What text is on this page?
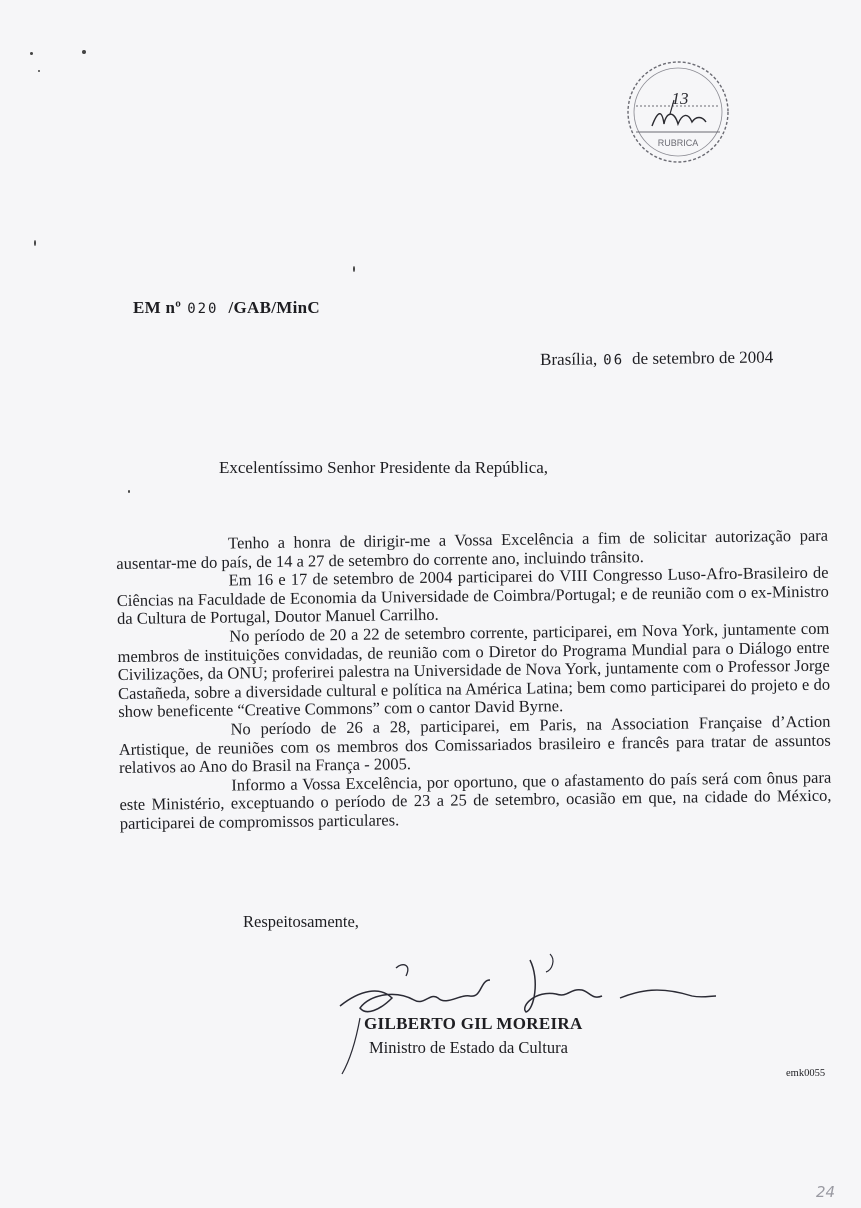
RUBRICA
13
EM nº 020 /GAB/MinC
Brasília, 06 de setembro de 2004
Excelentíssimo Senhor Presidente da República,

Tenho a honra de dirigir-me a Vossa Excelência a fim de solicitar autorização para ausentar-me do país, de 14 a 27 de setembro do corrente ano, incluindo trânsito.

Em 16 e 17 de setembro de 2004 participarei do VIII Congresso Luso-Afro-Brasileiro de Ciências na Faculdade de Economia da Universidade de Coimbra/Portugal; e de reunião com o ex-Ministro da Cultura de Portugal, Doutor Manuel Carrilho.

No período de 20 a 22 de setembro corrente, participarei, em Nova York, juntamente com membros de instituições convidadas, de reunião com o Diretor do Programa Mundial para o Diálogo entre Civilizações, da ONU; proferirei palestra na Universidade de Nova York, juntamente com o Professor Jorge Castañeda, sobre a diversidade cultural e política na América Latina; bem como participarei do projeto e do show beneficente “Creative Commons” com o cantor David Byrne.

No período de 26 a 28, participarei, em Paris, na Association Française d’Action Artistique, de reuniões com os membros dos Comissariados brasileiro e francês para tratar de assuntos relativos ao Ano do Brasil na França - 2005.

Informo a Vossa Excelência, por oportuno, que o afastamento do país será com ônus para este Ministério, exceptuando o período de 23 a 25 de setembro, ocasião em que, na cidade do México, participarei de compromissos particulares.

Respeitosamente,
GILBERTO GIL MOREIRA
Ministro de Estado da Cultura
emk0055
24
